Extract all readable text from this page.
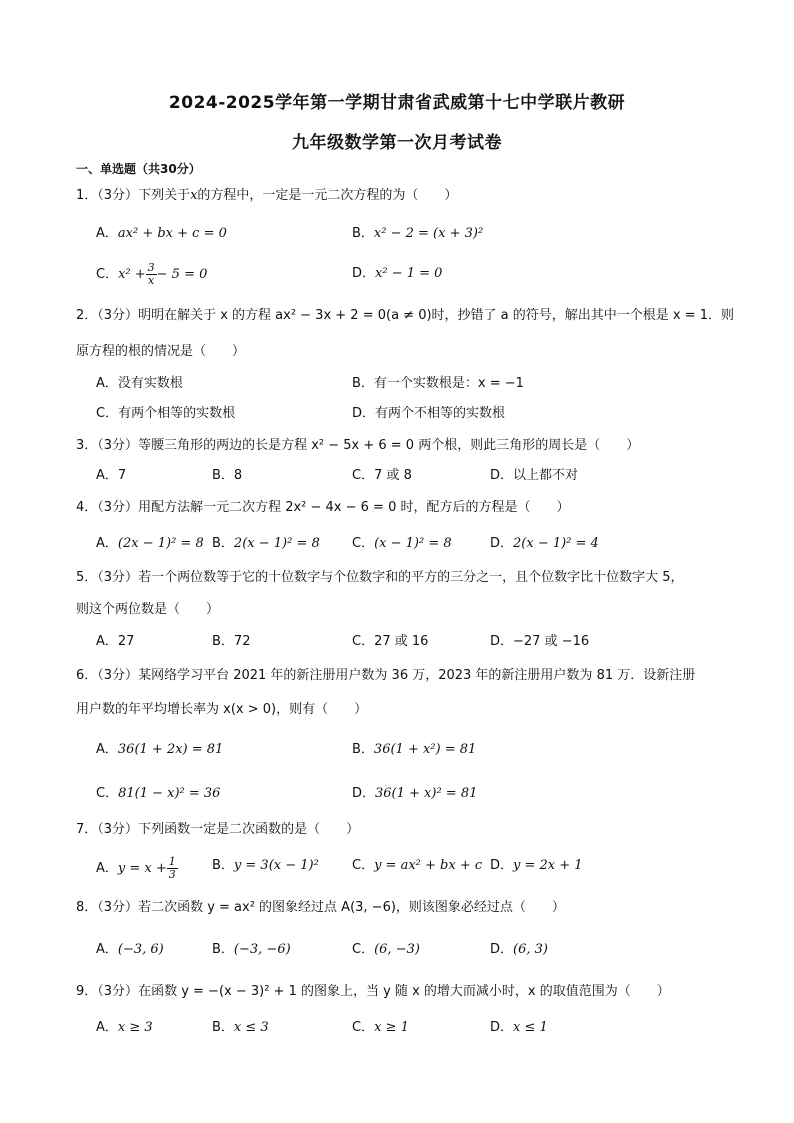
2024-2025学年第一学期甘肃省武威第十七中学联片教研
九年级数学第一次月考试卷
一、单选题（共30分）
1．（3分）下列关于x的方程中，一定是一元二次方程的为（　　）
A．ax² + bx + c = 0	B．x² − 2 = (x + 3)²
C．$x^2 + \frac{3}{x} - 5 = 0$	D．x² − 1 = 0
2．（3分）明明在解关于 x 的方程 ax² − 3x + 2 = 0(a ≠ 0)时，抄错了 a 的符号，解出其中一个根是 x = 1．则
原方程的根的情况是（　　）
A．没有实数根	B．有一个实数根是：x = −1
C．有两个相等的实数根	D．有两个不相等的实数根
3．（3分）等腰三角形的两边的长是方程 x² − 5x + 6 = 0 两个根，则此三角形的周长是（　　）
A．7	B．8	C．7 或 8	D．以上都不对
4．（3分）用配方法解一元二次方程 2x² − 4x − 6 = 0 时，配方后的方程是（　　）
A．(2x − 1)² = 8 B．2(x − 1)² = 8 C．(x − 1)² = 8	D．2(x − 1)² = 4
5．（3分）若一个两位数等于它的十位数字与个位数字和的平方的三分之一，且个位数字比十位数字大 5，
则这个两位数是（　　）
A．27	B．72	C．27 或 16	D．−27 或 −16
6．（3分）某网络学习平台 2021 年的新注册用户数为 36 万，2023 年的新注册用户数为 81 万．设新注册
用户数的年平均增长率为 x(x > 0)，则有（　　）
A．36(1 + 2x) = 81	B．36(1 + x²) = 81
C．81(1 − x)² = 36	D．36(1 + x)² = 81
7．（3分）下列函数一定是二次函数的是（　　）
A．$y = x + \frac{1}{3}$	B．y = 3(x − 1)²	C．y = ax² + bx + c D．y = 2x + 1
8．（3分）若二次函数 y = ax² 的图象经过点 A(3, −6)，则该图象必经过点（　　）
A．(−3, 6)	B．(−3, −6)	C．(6, −3)	D．(6, 3)
9．（3分）在函数 y = −(x − 3)² + 1 的图象上，当 y 随 x 的增大而减小时，x 的取值范围为（　　）
A．x ≥ 3	B．x ≤ 3	C．x ≥ 1	D．x ≤ 1
